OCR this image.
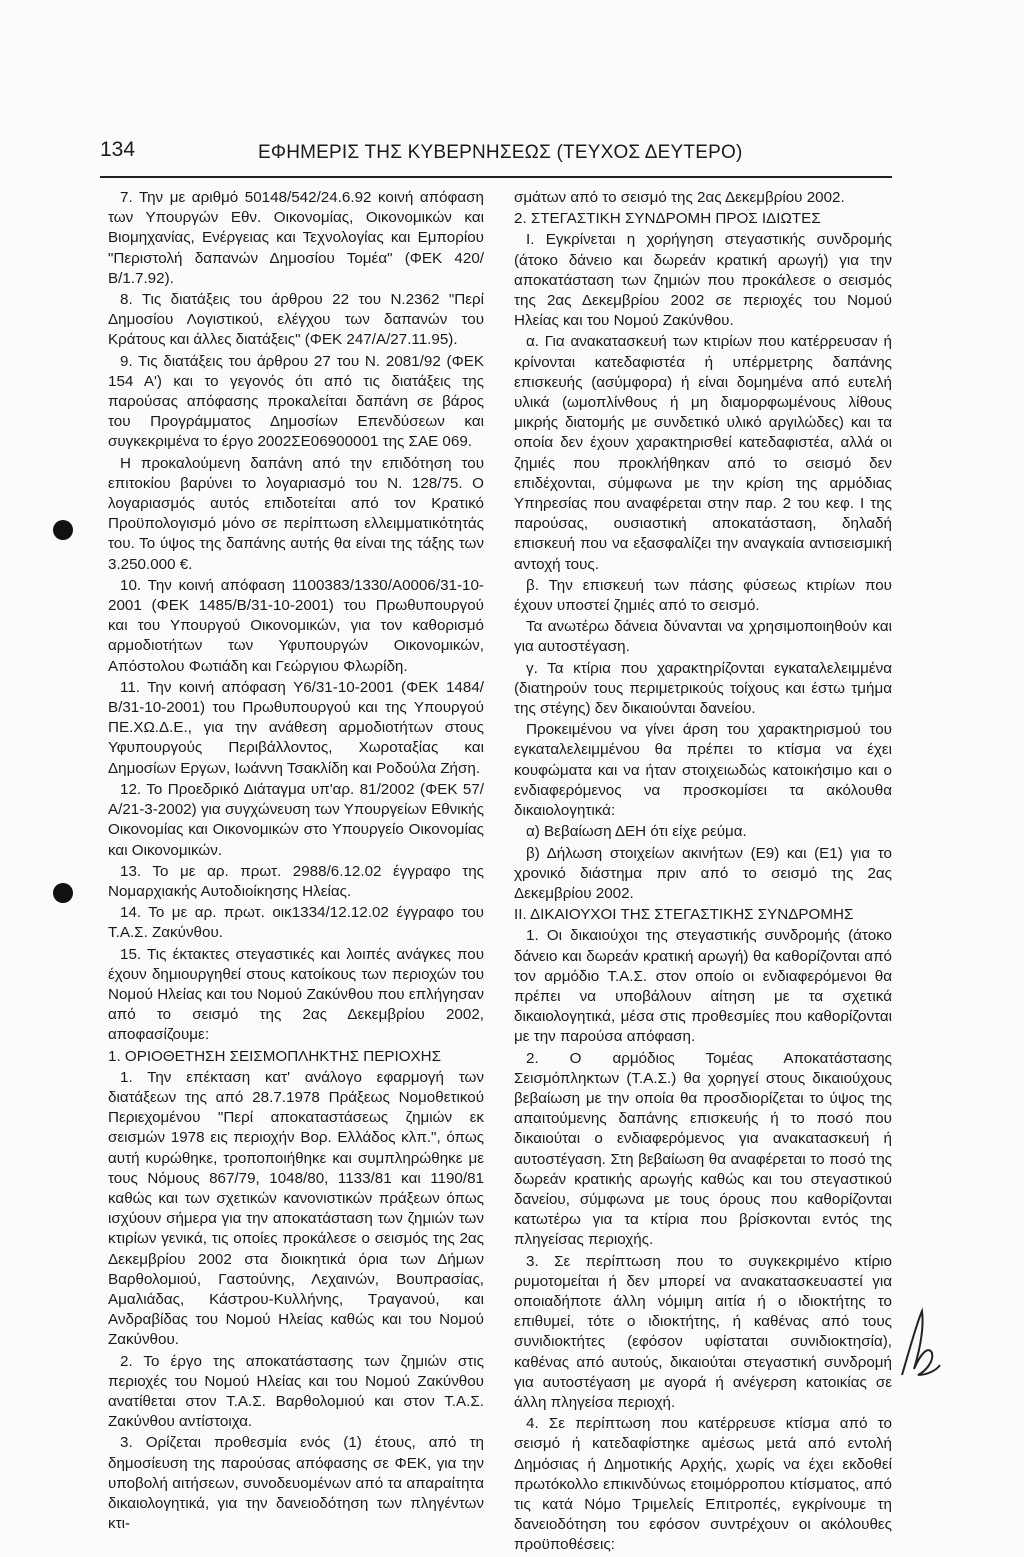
134	ΕΦΗΜΕΡΙΣ ΤΗΣ ΚΥΒΕΡΝΗΣΕΩΣ (ΤΕΥΧΟΣ ΔΕΥΤΕΡΟ)

7. Την με αριθμό 50148/542/24.6.92 κοινή απόφαση των Υπουργών Εθν. Οικονομίας, Οικονομικών και Βιομηχανίας, Ενέργειας και Τεχνολογίας και Εμπορίου "Περιστολή δαπανών Δημοσίου Τομέα" (ΦΕΚ 420/Β/1.7.92).

8. Τις διατάξεις του άρθρου 22 του Ν.2362 "Περί Δημοσίου Λογιστικού, ελέγχου των δαπανών του Κράτους και άλλες διατάξεις" (ΦΕΚ 247/Α/27.11.95).

9. Τις διατάξεις του άρθρου 27 του Ν. 2081/92 (ΦΕΚ 154 Α') και το γεγονός ότι από τις διατάξεις της παρούσας απόφασης προκαλείται δαπάνη σε βάρος του Προγράμματος Δημοσίων Επενδύσεων και συγκεκριμένα το έργο 2002ΣΕ06900001 της ΣΑΕ 069.

Η προκαλούμενη δαπάνη από την επιδότηση του επιτοκίου βαρύνει το λογαριασμό του Ν. 128/75. Ο λογαριασμός αυτός επιδοτείται από τον Κρατικό Προϋπολογισμό μόνο σε περίπτωση ελλειμματικότητάς του. Το ύψος της δαπάνης αυτής θα είναι της τάξης των 3.250.000 €.

10. Την κοινή απόφαση 1100383/1330/Α0006/31-10-2001 (ΦΕΚ 1485/Β/31-10-2001) του Πρωθυπουργού και του Υπουργού Οικονομικών, για τον καθορισμό αρμοδιοτήτων των Υφυπουργών Οικονομικών, Απόστολου Φωτιάδη και Γεώργιου Φλωρίδη.

11. Την κοινή απόφαση Υ6/31-10-2001 (ΦΕΚ 1484/Β/31-10-2001) του Πρωθυπουργού και της Υπουργού ΠΕ.ΧΩ.Δ.Ε., για την ανάθεση αρμοδιοτήτων στους Υφυπουργούς Περιβάλλοντος, Χωροταξίας και Δημοσίων Εργων, Ιωάννη Τσακλίδη και Ροδούλα Ζήση.

12. Το Προεδρικό Διάταγμα υπ'αρ. 81/2002 (ΦΕΚ 57/Α/21-3-2002) για συγχώνευση των Υπουργείων Εθνικής Οικονομίας και Οικονομικών στο Υπουργείο Οικονομίας και Οικονομικών.

13. Το με αρ. πρωτ. 2988/6.12.02 έγγραφο της Νομαρχιακής Αυτοδιοίκησης Ηλείας.

14. Το με αρ. πρωτ. οικ1334/12.12.02 έγγραφο του Τ.Α.Σ. Ζακύνθου.

15. Τις έκτακτες στεγαστικές και λοιπές ανάγκες που έχουν δημιουργηθεί στους κατοίκους των περιοχών του Νομού Ηλείας και του Νομού Ζακύνθου που επλήγησαν από το σεισμό της 2ας Δεκεμβρίου 2002, αποφασίζουμε:

1. ΟΡΙΟΘΕΤΗΣΗ ΣΕΙΣΜΟΠΛΗΚΤΗΣ ΠΕΡΙΟΧΗΣ

1. Την επέκταση κατ' ανάλογο εφαρμογή των διατάξεων της από 28.7.1978 Πράξεως Νομοθετικού Περιεχομένου "Περί αποκαταστάσεως ζημιών εκ σεισμών 1978 εις περιοχήν Βορ. Ελλάδος κλπ.", όπως αυτή κυρώθηκε, τροποποιήθηκε και συμπληρώθηκε με τους Νόμους 867/79, 1048/80, 1133/81 και 1190/81 καθώς και των σχετικών κανονιστικών πράξεων όπως ισχύουν σήμερα για την αποκατάσταση των ζημιών των κτιρίων γενικά, τις οποίες προκάλεσε ο σεισμός της 2ας Δεκεμβρίου 2002 στα διοικητικά όρια των Δήμων Βαρθολομιού, Γαστούνης, Λεχαινών, Βουπρασίας, Αμαλιάδας, Κάστρου-Κυλλήνης, Τραγανού, και Ανδραβίδας του Νομού Ηλείας καθώς και του Νομού Ζακύνθου.

2. Το έργο της αποκατάστασης των ζημιών στις περιοχές του Νομού Ηλείας και του Νομού Ζακύνθου ανατίθεται στον Τ.Α.Σ. Βαρθολομιού και στον Τ.Α.Σ. Ζακύνθου αντίστοιχα.

3. Ορίζεται προθεσμία ενός (1) έτους, από τη δημοσίευση της παρούσας απόφασης σε ΦΕΚ, για την υποβολή αιτήσεων, συνοδευομένων από τα απαραίτητα δικαιολογητικά, για την δανειοδότηση των πληγέντων κτι-

σμάτων από το σεισμό της 2ας Δεκεμβρίου 2002.

2. ΣΤΕΓΑΣΤΙΚΗ ΣΥΝΔΡΟΜΗ ΠΡΟΣ ΙΔΙΩΤΕΣ

Ι. Εγκρίνεται η χορήγηση στεγαστικής συνδρομής (άτοκο δάνειο και δωρεάν κρατική αρωγή) για την αποκατάσταση των ζημιών που προκάλεσε ο σεισμός της 2ας Δεκεμβρίου 2002 σε περιοχές του Νομού Ηλείας και του Νομού Ζακύνθου.

α. Για ανακατασκευή των κτιρίων που κατέρρευσαν ή κρίνονται κατεδαφιστέα ή υπέρμετρης δαπάνης επισκευής (ασύμφορα) ή είναι δομημένα από ευτελή υλικά (ωμοπλίνθους ή μη διαμορφωμένους λίθους μικρής διατομής με συνδετικό υλικό αργιλώδες) και τα οποία δεν έχουν χαρακτηρισθεί κατεδαφιστέα, αλλά οι ζημιές που προκλήθηκαν από το σεισμό δεν επιδέχονται, σύμφωνα με την κρίση της αρμόδιας Υπηρεσίας που αναφέρεται στην παρ. 2 του κεφ. Ι της παρούσας, ουσιαστική αποκατάσταση, δηλαδή επισκευή που να εξασφαλίζει την αναγκαία αντισεισμική αντοχή τους.

β. Την επισκευή των πάσης φύσεως κτιρίων που έχουν υποστεί ζημιές από το σεισμό.

Τα ανωτέρω δάνεια δύνανται να χρησιμοποιηθούν και για αυτοστέγαση.

γ. Τα κτίρια που χαρακτηρίζονται εγκαταλελειμμένα (διατηρούν τους περιμετρικούς τοίχους και έστω τμήμα της στέγης) δεν δικαιούνται δανείου.

Προκειμένου να γίνει άρση του χαρακτηρισμού του εγκαταλελειμμένου θα πρέπει το κτίσμα να έχει κουφώματα και να ήταν στοιχειωδώς κατοικήσιμο και ο ενδιαφερόμενος να προσκομίσει τα ακόλουθα δικαιολογητικά:

α) Βεβαίωση ΔΕΗ ότι είχε ρεύμα.

β) Δήλωση στοιχείων ακινήτων (Ε9) και (Ε1) για το χρονικό διάστημα πριν από το σεισμό της 2ας Δεκεμβρίου 2002.

ΙΙ. ΔΙΚΑΙΟΥΧΟΙ ΤΗΣ ΣΤΕΓΑΣΤΙΚΗΣ ΣΥΝΔΡΟΜΗΣ

1. Οι δικαιούχοι της στεγαστικής συνδρομής (άτοκο δάνειο και δωρεάν κρατική αρωγή) θα καθορίζονται από τον αρμόδιο Τ.Α.Σ. στον οποίο οι ενδιαφερόμενοι θα πρέπει να υποβάλουν αίτηση με τα σχετικά δικαιολογητικά, μέσα στις προθεσμίες που καθορίζονται με την παρούσα απόφαση.

2. Ο αρμόδιος Τομέας Αποκατάστασης Σεισμόπληκτων (Τ.Α.Σ.) θα χορηγεί στους δικαιούχους βεβαίωση με την οποία θα προσδιορίζεται το ύψος της απαιτούμενης δαπάνης επισκευής ή το ποσό που δικαιούται ο ενδιαφερόμενος για ανακατασκευή ή αυτοστέγαση. Στη βεβαίωση θα αναφέρεται το ποσό της δωρεάν κρατικής αρωγής καθώς και του στεγαστικού δανείου, σύμφωνα με τους όρους που καθορίζονται κατωτέρω για τα κτίρια που βρίσκονται εντός της πληγείσας περιοχής.

3. Σε περίπτωση που το συγκεκριμένο κτίριο ρυμοτομείται ή δεν μπορεί να ανακατασκευαστεί για οποιαδήποτε άλλη νόμιμη αιτία ή ο ιδιοκτήτης το επιθυμεί, τότε ο ιδιοκτήτης, ή καθένας από τους συνιδιοκτήτες (εφόσον υφίσταται συνιδιοκτησία), καθένας από αυτούς, δικαιούται στεγαστική συνδρομή για αυτοστέγαση με αγορά ή ανέγερση κατοικίας σε άλλη πληγείσα περιοχή.

4. Σε περίπτωση που κατέρρευσε κτίσμα από το σεισμό ή κατεδαφίστηκε αμέσως μετά από εντολή Δημόσιας ή Δημοτικής Αρχής, χωρίς να έχει εκδοθεί πρωτόκολλο επικινδύνως ετοιμόρροπου κτίσματος, από τις κατά Νόμο Τριμελείς Επιτροπές, εγκρίνουμε τη δανειοδότηση του εφόσον συντρέχουν οι ακόλουθες προϋποθέσεις:
